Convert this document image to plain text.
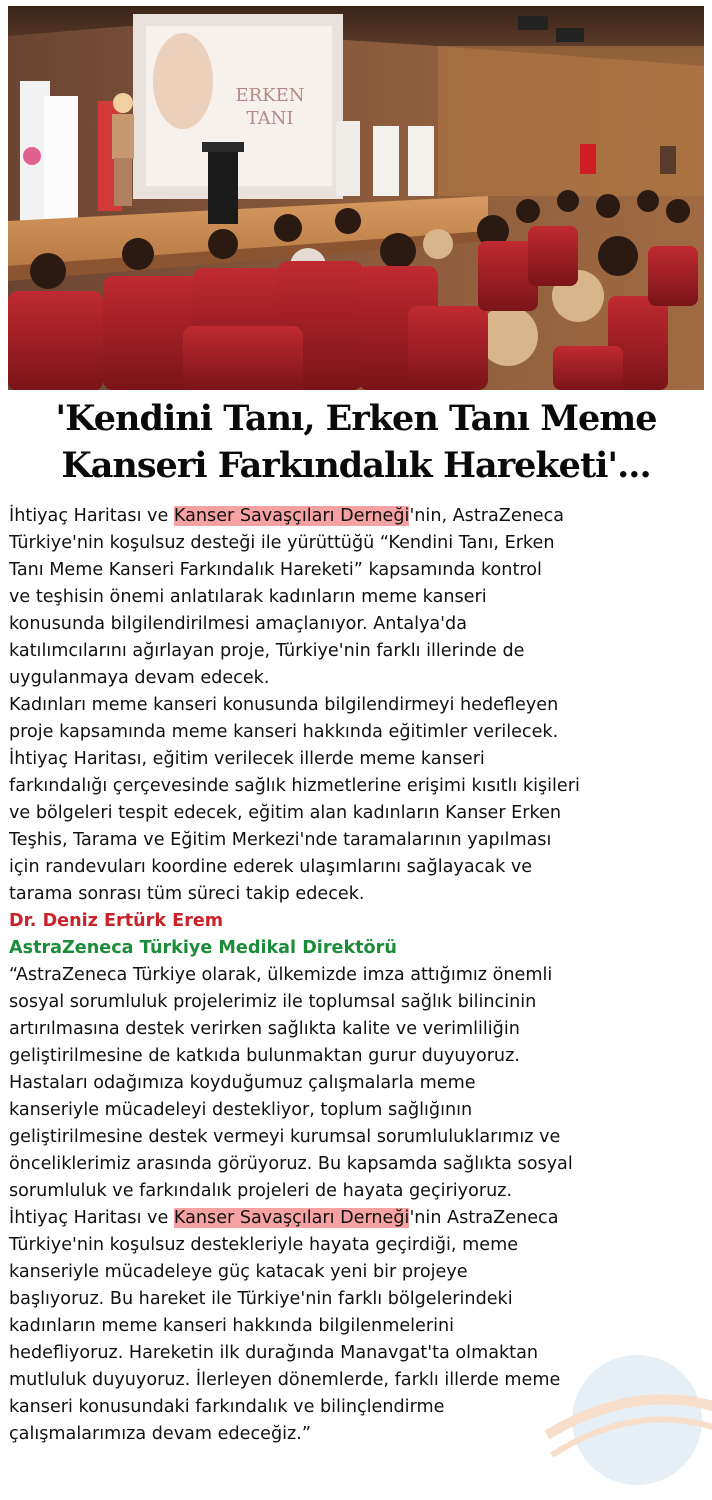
ERKEN
TANI
'Kendini Tanı, Erken Tanı Meme
Kanseri Farkındalık Hareketi'...
İhtiyaç Haritası ve Kanser Savaşçıları Derneği'nin, AstraZeneca
Türkiye'nin koşulsuz desteği ile yürüttüğü “Kendini Tanı, Erken
Tanı Meme Kanseri Farkındalık Hareketi” kapsamında kontrol
ve teşhisin önemi anlatılarak kadınların meme kanseri
konusunda bilgilendirilmesi amaçlanıyor. Antalya'da
katılımcılarını ağırlayan proje, Türkiye'nin farklı illerinde de
uygulanmaya devam edecek.
Kadınları meme kanseri konusunda bilgilendirmeyi hedefleyen
proje kapsamında meme kanseri hakkında eğitimler verilecek.
İhtiyaç Haritası, eğitim verilecek illerde meme kanseri
farkındalığı çerçevesinde sağlık hizmetlerine erişimi kısıtlı kişileri
ve bölgeleri tespit edecek, eğitim alan kadınların Kanser Erken
Teşhis, Tarama ve Eğitim Merkezi'nde taramalarının yapılması
için randevuları koordine ederek ulaşımlarını sağlayacak ve
tarama sonrası tüm süreci takip edecek.
Dr. Deniz Ertürk Erem
AstraZeneca Türkiye Medikal Direktörü
“AstraZeneca Türkiye olarak, ülkemizde imza attığımız önemli
sosyal sorumluluk projelerimiz ile toplumsal sağlık bilincinin
artırılmasına destek verirken sağlıkta kalite ve verimliliğin
geliştirilmesine de katkıda bulunmaktan gurur duyuyoruz.
Hastaları odağımıza koyduğumuz çalışmalarla meme
kanseriyle mücadeleyi destekliyor, toplum sağlığının
geliştirilmesine destek vermeyi kurumsal sorumluluklarımız ve
önceliklerimiz arasında görüyoruz. Bu kapsamda sağlıkta sosyal
sorumluluk ve farkındalık projeleri de hayata geçiriyoruz.
İhtiyaç Haritası ve Kanser Savaşçıları Derneği'nin AstraZeneca
Türkiye'nin koşulsuz destekleriyle hayata geçirdiği, meme
kanseriyle mücadeleye güç katacak yeni bir projeye
başlıyoruz. Bu hareket ile Türkiye'nin farklı bölgelerindeki
kadınların meme kanseri hakkında bilgilenmelerini
hedefliyoruz. Hareketin ilk durağında Manavgat'ta olmaktan
mutluluk duyuyoruz. İlerleyen dönemlerde, farklı illerde meme
kanseri konusundaki farkındalık ve bilinçlendirme
çalışmalarımıza devam edeceğiz.”
